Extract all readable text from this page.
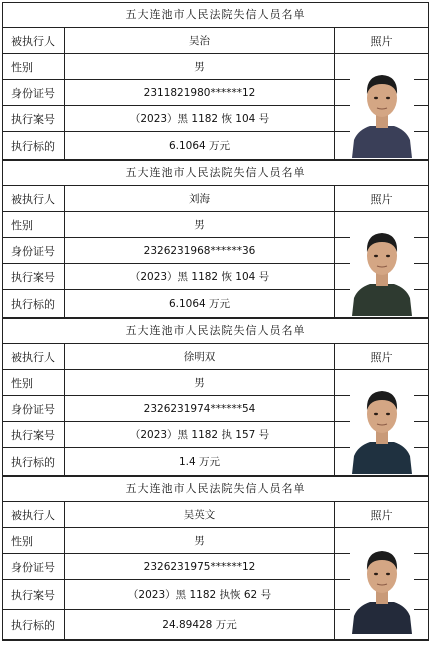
五大连池市人民法院失信人员名单
被执行人	吴治
性别	男
身份证号	2311821980******12
执行案号	（2023）黑 1182 恢 104 号
执行标的	6.1064 万元
照片
五大连池市人民法院失信人员名单
被执行人	刘海
性别	男
身份证号	2326231968******36
执行案号	（2023）黑 1182 恢 104 号
执行标的	6.1064 万元
照片
五大连池市人民法院失信人员名单
被执行人	徐明双
性别	男
身份证号	2326231974******54
执行案号	（2023）黑 1182 执 157 号
执行标的	1.4 万元
照片
五大连池市人民法院失信人员名单
被执行人	吴英文
性别	男
身份证号	2326231975******12
执行案号	（2023）黑 1182 执恢 62 号
执行标的	24.89428 万元
照片
